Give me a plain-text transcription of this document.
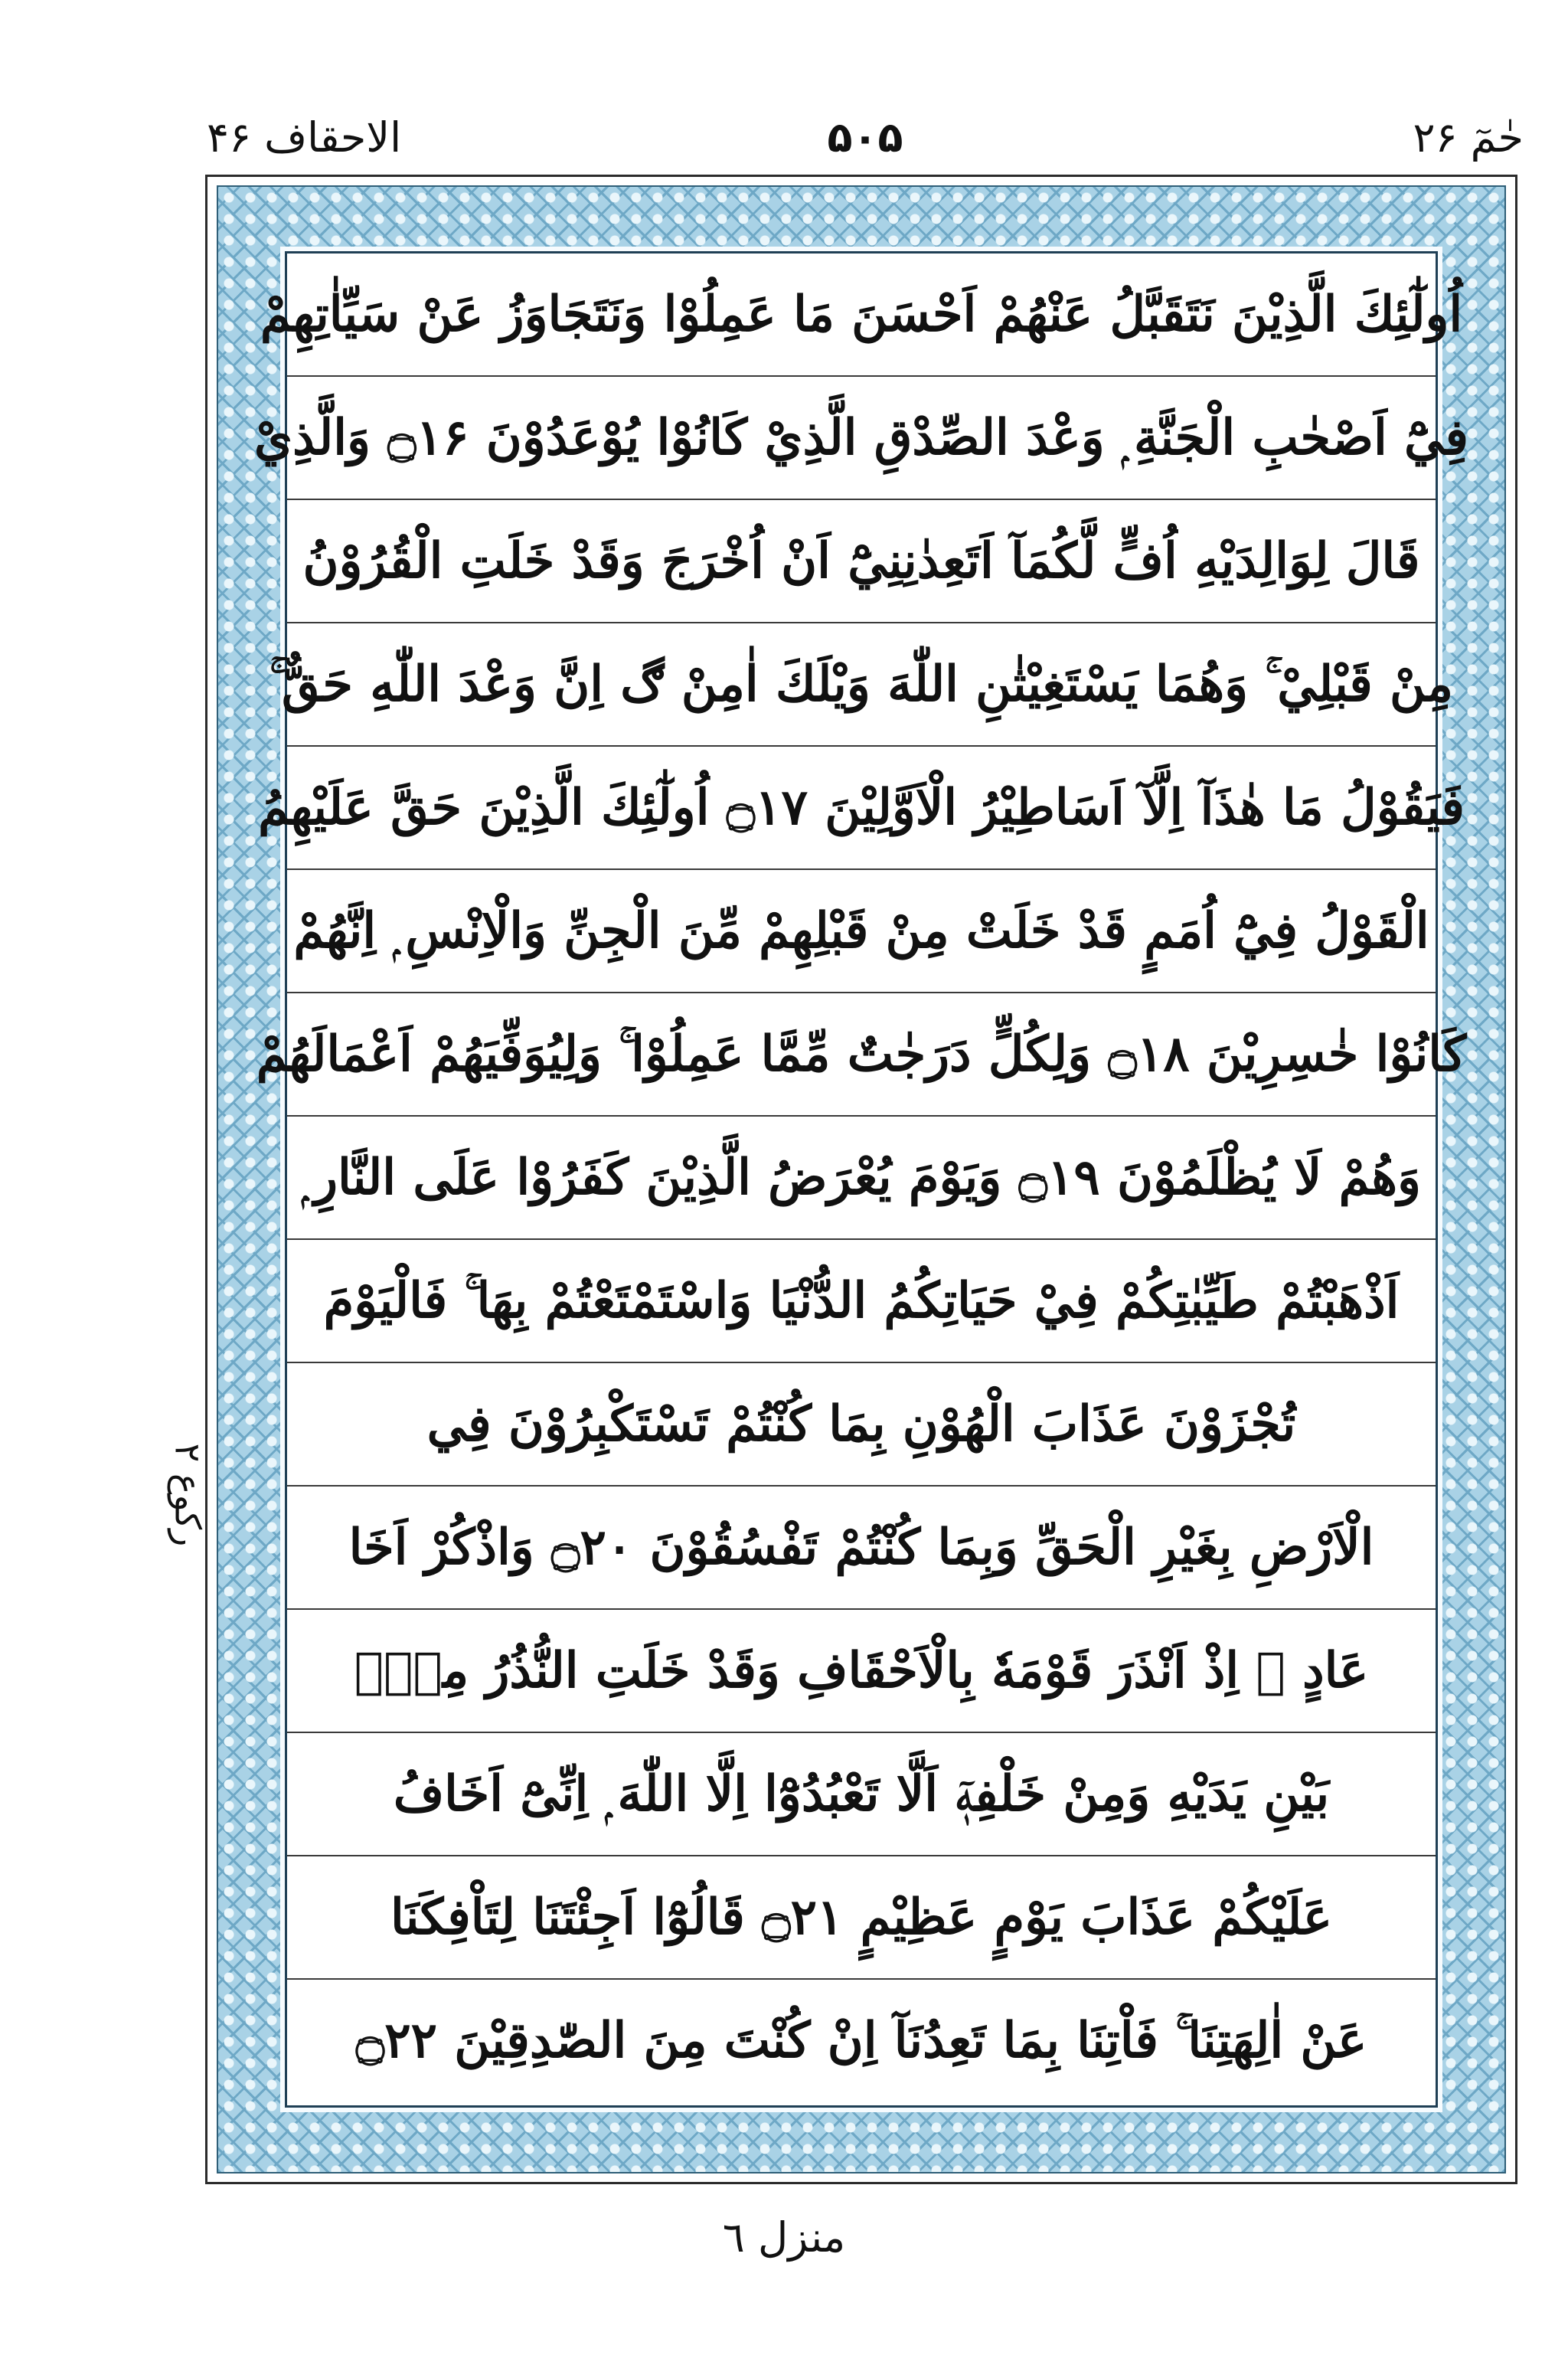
الاحقاف ۴۶	۵۰۵	حٰمٓ ۲۶
اُولٰٓئِكَ الَّذِيْنَ نَتَقَبَّلُ عَنْهُمْ اَحْسَنَ مَا عَمِلُوْا وَنَتَجَاوَزُ عَنْ سَيِّاٰتِهِمْ
فِيْٓ اَصْحٰبِ الْجَنَّةِ ۭ وَعْدَ الصِّدْقِ الَّذِيْ كَانُوْا يُوْعَدُوْنَ ۝۱۶ وَالَّذِيْ
قَالَ لِوَالِدَيْهِ اُفٍّ لَّكُمَآ اَتَعِدٰنِنِيْٓ اَنْ اُخْرَجَ وَقَدْ خَلَتِ الْقُرُوْنُ
مِنْ قَبْلِيْ ۚ وَهُمَا يَسْتَغِيْثٰنِ اللّٰهَ وَيْلَكَ اٰمِنْ ڰ اِنَّ وَعْدَ اللّٰهِ حَقٌّ ۚ
فَيَقُوْلُ مَا هٰذَآ اِلَّآ اَسَاطِيْرُ الْاَوَّلِيْنَ ۝۱۷ اُولٰٓئِكَ الَّذِيْنَ حَقَّ عَلَيْهِمُ
الْقَوْلُ فِيْٓ اُمَمٍ قَدْ خَلَتْ مِنْ قَبْلِهِمْ مِّنَ الْجِنِّ وَالْاِنْسِ ۭ اِنَّهُمْ
كَانُوْا خٰسِرِيْنَ ۝۱۸ وَلِكُلٍّ دَرَجٰتٌ مِّمَّا عَمِلُوْا ۚ وَلِيُوَفِّيَهُمْ اَعْمَالَهُمْ
وَهُمْ لَا يُظْلَمُوْنَ ۝۱۹ وَيَوْمَ يُعْرَضُ الَّذِيْنَ كَفَرُوْا عَلَى النَّارِ ۭ
اَذْهَبْتُمْ طَيِّبٰتِكُمْ فِيْ حَيَاتِكُمُ الدُّنْيَا وَاسْتَمْتَعْتُمْ بِهَا ۚ فَالْيَوْمَ
تُجْزَوْنَ عَذَابَ الْهُوْنِ بِمَا كُنْتُمْ تَسْتَكْبِرُوْنَ فِي
الْاَرْضِ بِغَيْرِ الْحَقِّ وَبِمَا كُنْتُمْ تَفْسُقُوْنَ ۝۲۰ وَاذْكُرْ اَخَا
عَادٍ ۭ اِذْ اَنْذَرَ قَوْمَهٗ بِالْاَحْقَافِ وَقَدْ خَلَتِ النُّذُرُ مِنْۢ
بَيْنِ يَدَيْهِ وَمِنْ خَلْفِهٖٓ اَلَّا تَعْبُدُوْٓا اِلَّا اللّٰهَ ۭ اِنِّىْٓ اَخَافُ
عَلَيْكُمْ عَذَابَ يَوْمٍ عَظِيْمٍ ۝۲۱ قَالُوْٓا اَجِئْتَنَا لِتَاْفِكَنَا
عَنْ اٰلِهَتِنَا ۚ فَاْتِنَا بِمَا تَعِدُنَآ اِنْ كُنْتَ مِنَ الصّٰدِقِيْنَ ۝۲۲
ركوع ۲
منزل ٦
